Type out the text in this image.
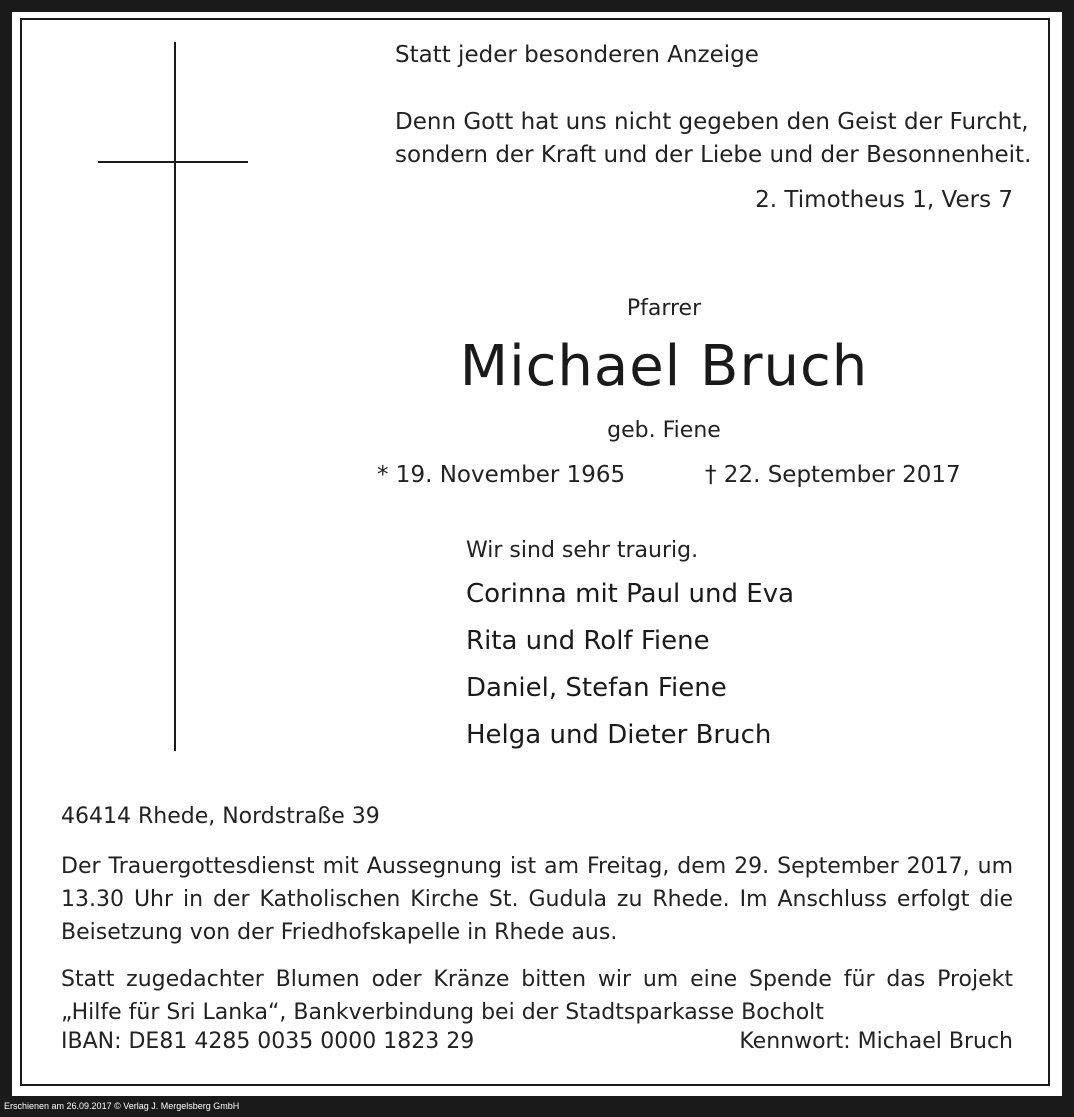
Statt jeder besonderen Anzeige
Denn Gott hat uns nicht gegeben den Geist der Furcht,
sondern der Kraft und der Liebe und der Besonnenheit.
2. Timotheus 1, Vers 7
Pfarrer
Michael Bruch
geb. Fiene
* 19. November 1965	† 22. September 2017
Wir sind sehr traurig.
Corinna mit Paul und Eva
Rita und Rolf Fiene
Daniel, Stefan Fiene
Helga und Dieter Bruch
46414 Rhede, Nordstraße 39
Der Trauergottesdienst mit Aussegnung ist am Freitag, dem 29. September 2017, um 13.30 Uhr in der Katholischen Kirche St. Gudula zu Rhede. Im Anschluss erfolgt die Beisetzung von der Friedhofskapelle in Rhede aus.
Statt zugedachter Blumen oder Kränze bitten wir um eine Spende für das Projekt „Hilfe für Sri Lanka“, Bankverbindung bei der Stadtsparkasse Bocholt
IBAN: DE81 4285 0035 0000 1823 29	Kennwort: Michael Bruch
Erschienen am 26.09.2017 © Verlag J. Mergelsberg GmbH
